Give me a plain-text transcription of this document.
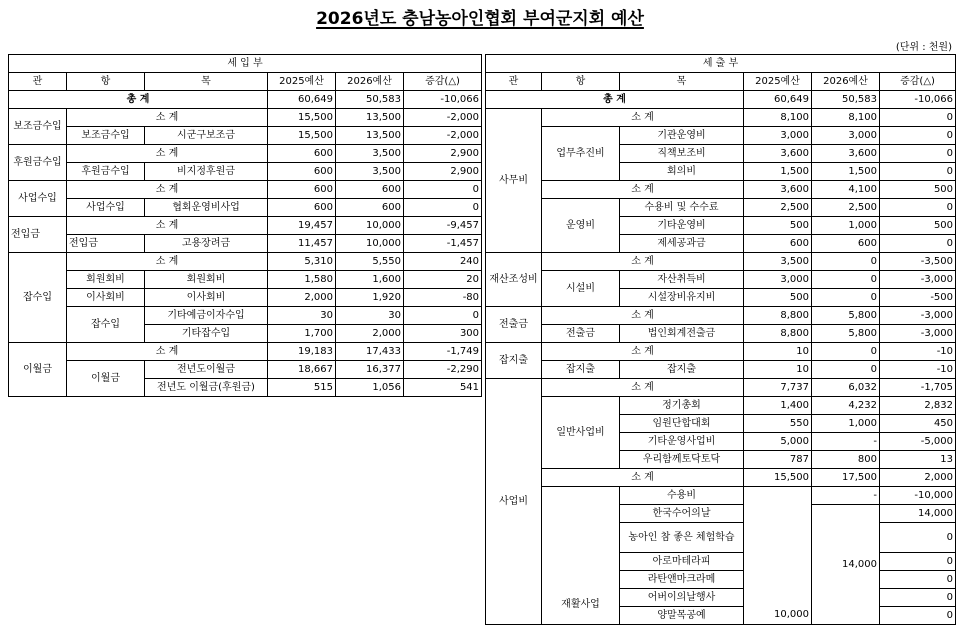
2026년도 충남농아인협회 부여군지회 예산
(단위 : 천원)
세 입 부					
관	항	목	2025예산	2026예산	증감(△)
총 계			60,649	50,583	-10,066
보조금수입	소 계		15,500	13,500	-2,000
	보조금수입	시군구보조금	15,500	13,500	-2,000
후원금수입	소 계		600	3,500	2,900
	후원금수입	비지정후원금	600	3,500	2,900
사업수입	소 계		600	600	0
	사업수입	협회운영비사업	600	600	0
전입금	소 계		19,457	10,000	-9,457
	전입금	고용장려금	11,457	10,000	-1,457
잡수입	소 계		5,310	5,550	240
	회원회비	회원회비	1,580	1,600	20
	이사회비	이사회비	2,000	1,920	-80
	잡수입	기타예금이자수입	30	30	0
		기타잡수입	1,700	2,000	300
이월금	소 계		19,183	17,433	-1,749
	이월금	전년도이월금	18,667	16,377	-2,290
		전년도 이월금(후원금)	515	1,056	541
세 출 부					
관	항	목	2025예산	2026예산	증감(△)
총 계			60,649	50,583	-10,066
사무비	소 계		8,100	8,100	0
	업무추진비	기관운영비	3,000	3,000	0
		직책보조비	3,600	3,600	0
		회의비	1,500	1,500	0
	소 계		3,600	4,100	500
	운영비	수용비 및 수수료	2,500	2,500	0
		기타운영비	500	1,000	500
		제세공과금	600	600	0
재산조성비	소 계		3,500	0	-3,500
	시설비	자산취득비	3,000	0	-3,000
		시설장비유지비	500	0	-500
전출금	소 계		8,800	5,800	-3,000
	전출금	법인회계전출금	8,800	5,800	-3,000
잡지출	소 계		10	0	-10
	잡지출	잡지출	10	0	-10
사업비	소 계		7,737	6,032	-1,705
	일반사업비	정기총회	1,400	4,232	2,832
		임원단합대회	550	1,000	450
		기타운영사업비	5,000	-	-5,000
		우리함께토닥토닥	787	800	13
	소 계		15,500	17,500	2,000
	재활사업	수용비	10,000	-	-10,000
		한국수어의날		14,000	14,000
		농아인 참 좋은 체험학습			0
		아로마테라피			0
		라탄앤마크라메			0
		어버이의날행사			0
		양말목공예			0
